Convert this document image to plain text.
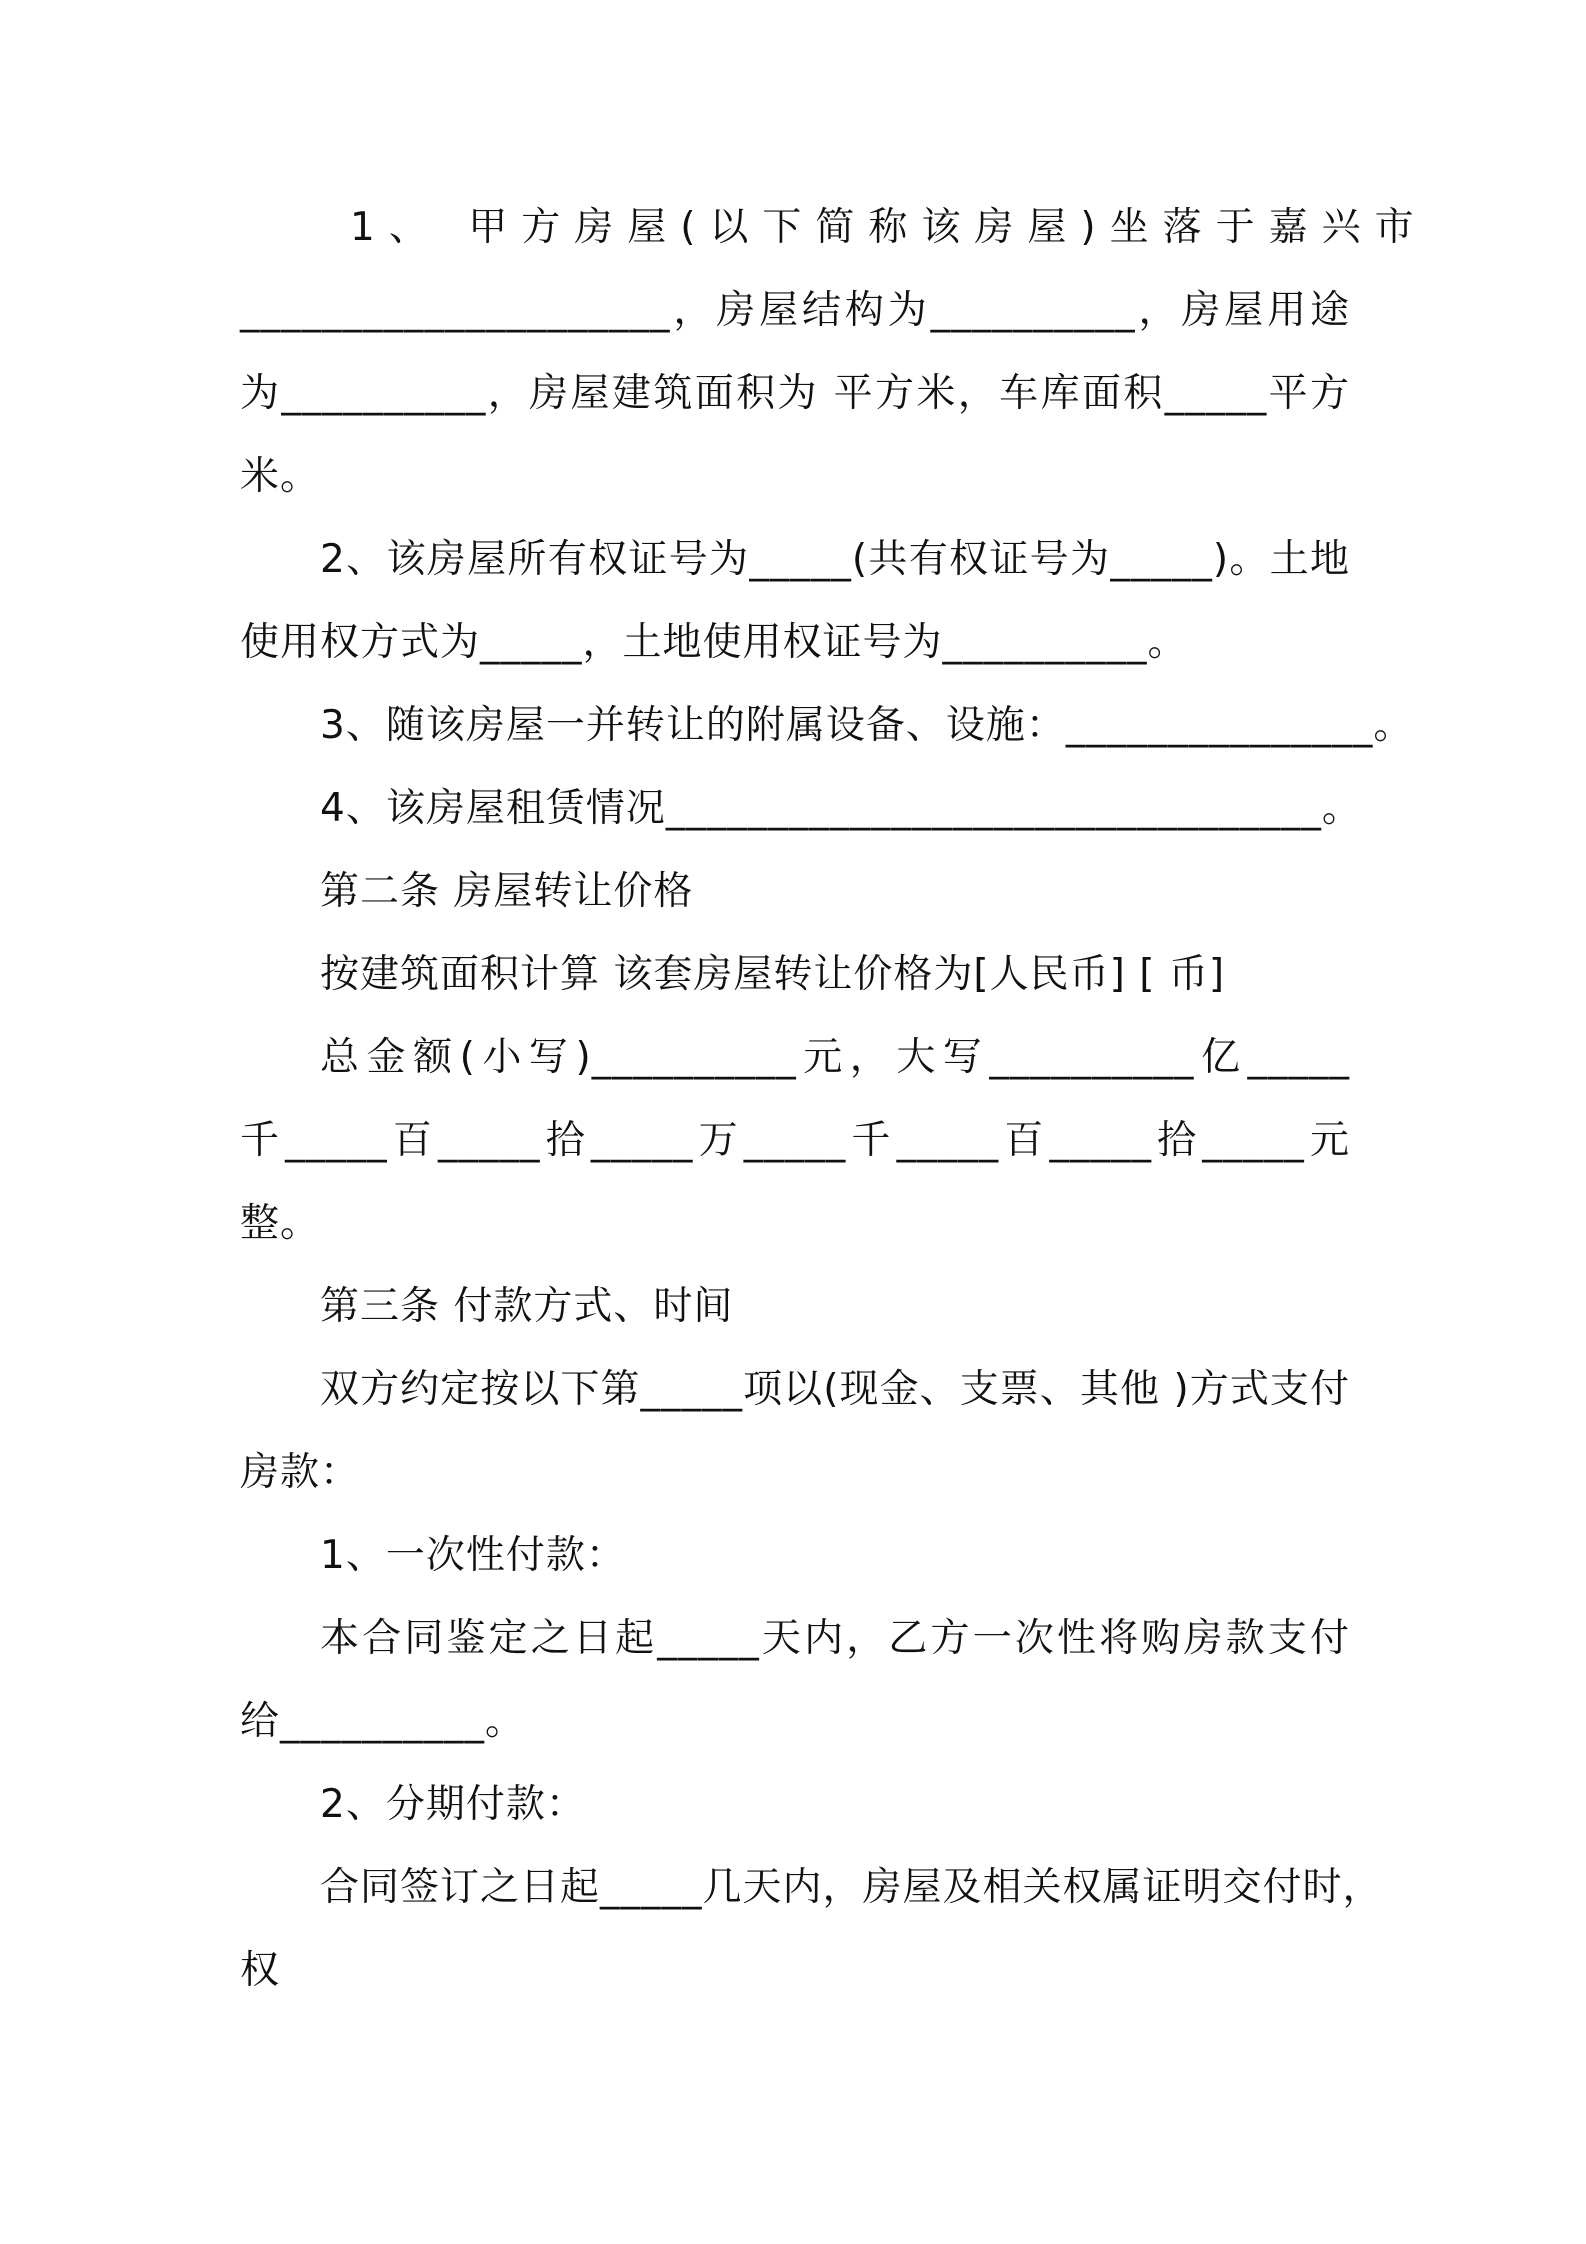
1、 甲方房屋(以下简称该房屋)坐落于嘉兴市
_____________________，房屋结构为__________，房屋用途
为__________，房屋建筑面积为 平方米，车库面积_____平方
米。
2、该房屋所有权证号为_____(共有权证号为_____)。土地
使用权方式为_____，土地使用权证号为__________。
3、随该房屋一并转让的附属设备、设施：_______________。
4、该房屋租赁情况________________________________。
第二条 房屋转让价格
按建筑面积计算 该套房屋转让价格为[人民币] [ 币]
总金额(小写)__________元，大写__________亿_____
千_____百_____拾_____万_____千_____百_____拾_____元
整。
第三条 付款方式、时间
双方约定按以下第_____项以(现金、支票、其他 )方式支付
房款：
1、一次性付款：
本合同鉴定之日起_____天内，乙方一次性将购房款支付
给__________。
2、分期付款：
合同签订之日起_____几天内，房屋及相关权属证明交付时，
权
